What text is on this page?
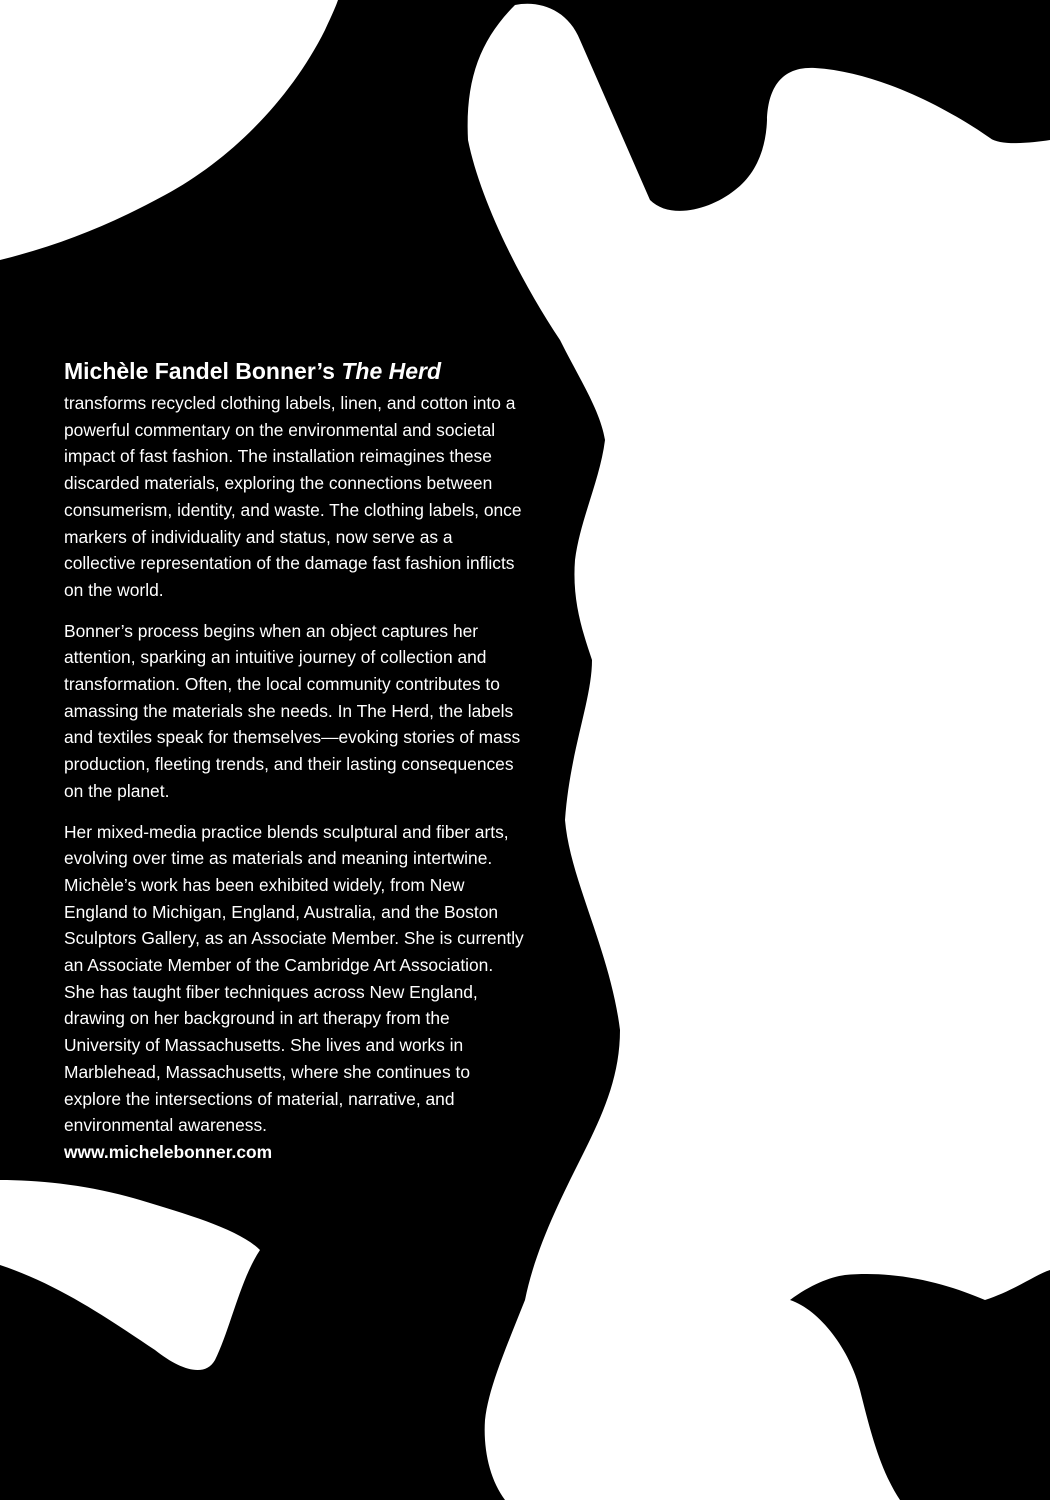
Michèle Fandel Bonner’s The Herd

transforms recycled clothing labels, linen, and cotton into a powerful commentary on the environmental and societal impact of fast fashion. The installation reimagines these discarded materials, exploring the connections between consumerism, identity, and waste. The clothing labels, once markers of individuality and status, now serve as a collective representation of the damage fast fashion inflicts on the world.

Bonner’s process begins when an object captures her attention, sparking an intuitive journey of collection and transformation. Often, the local community contributes to amassing the materials she needs. In The Herd, the labels and textiles speak for themselves—evoking stories of mass production, fleeting trends, and their lasting consequences on the planet.

Her mixed-media practice blends sculptural and fiber arts, evolving over time as materials and meaning intertwine. Michèle’s work has been exhibited widely, from New England to Michigan, England, Australia, and the Boston Sculptors Gallery, as an Associate Member. She is currently an Associate Member of the Cambridge Art Association. She has taught fiber techniques across New England, drawing on her background in art therapy from the University of Massachusetts. She lives and works in Marblehead, Massachusetts, where she continues to explore the intersections of material, narrative, and environmental awareness.
www.michelebonner.com
